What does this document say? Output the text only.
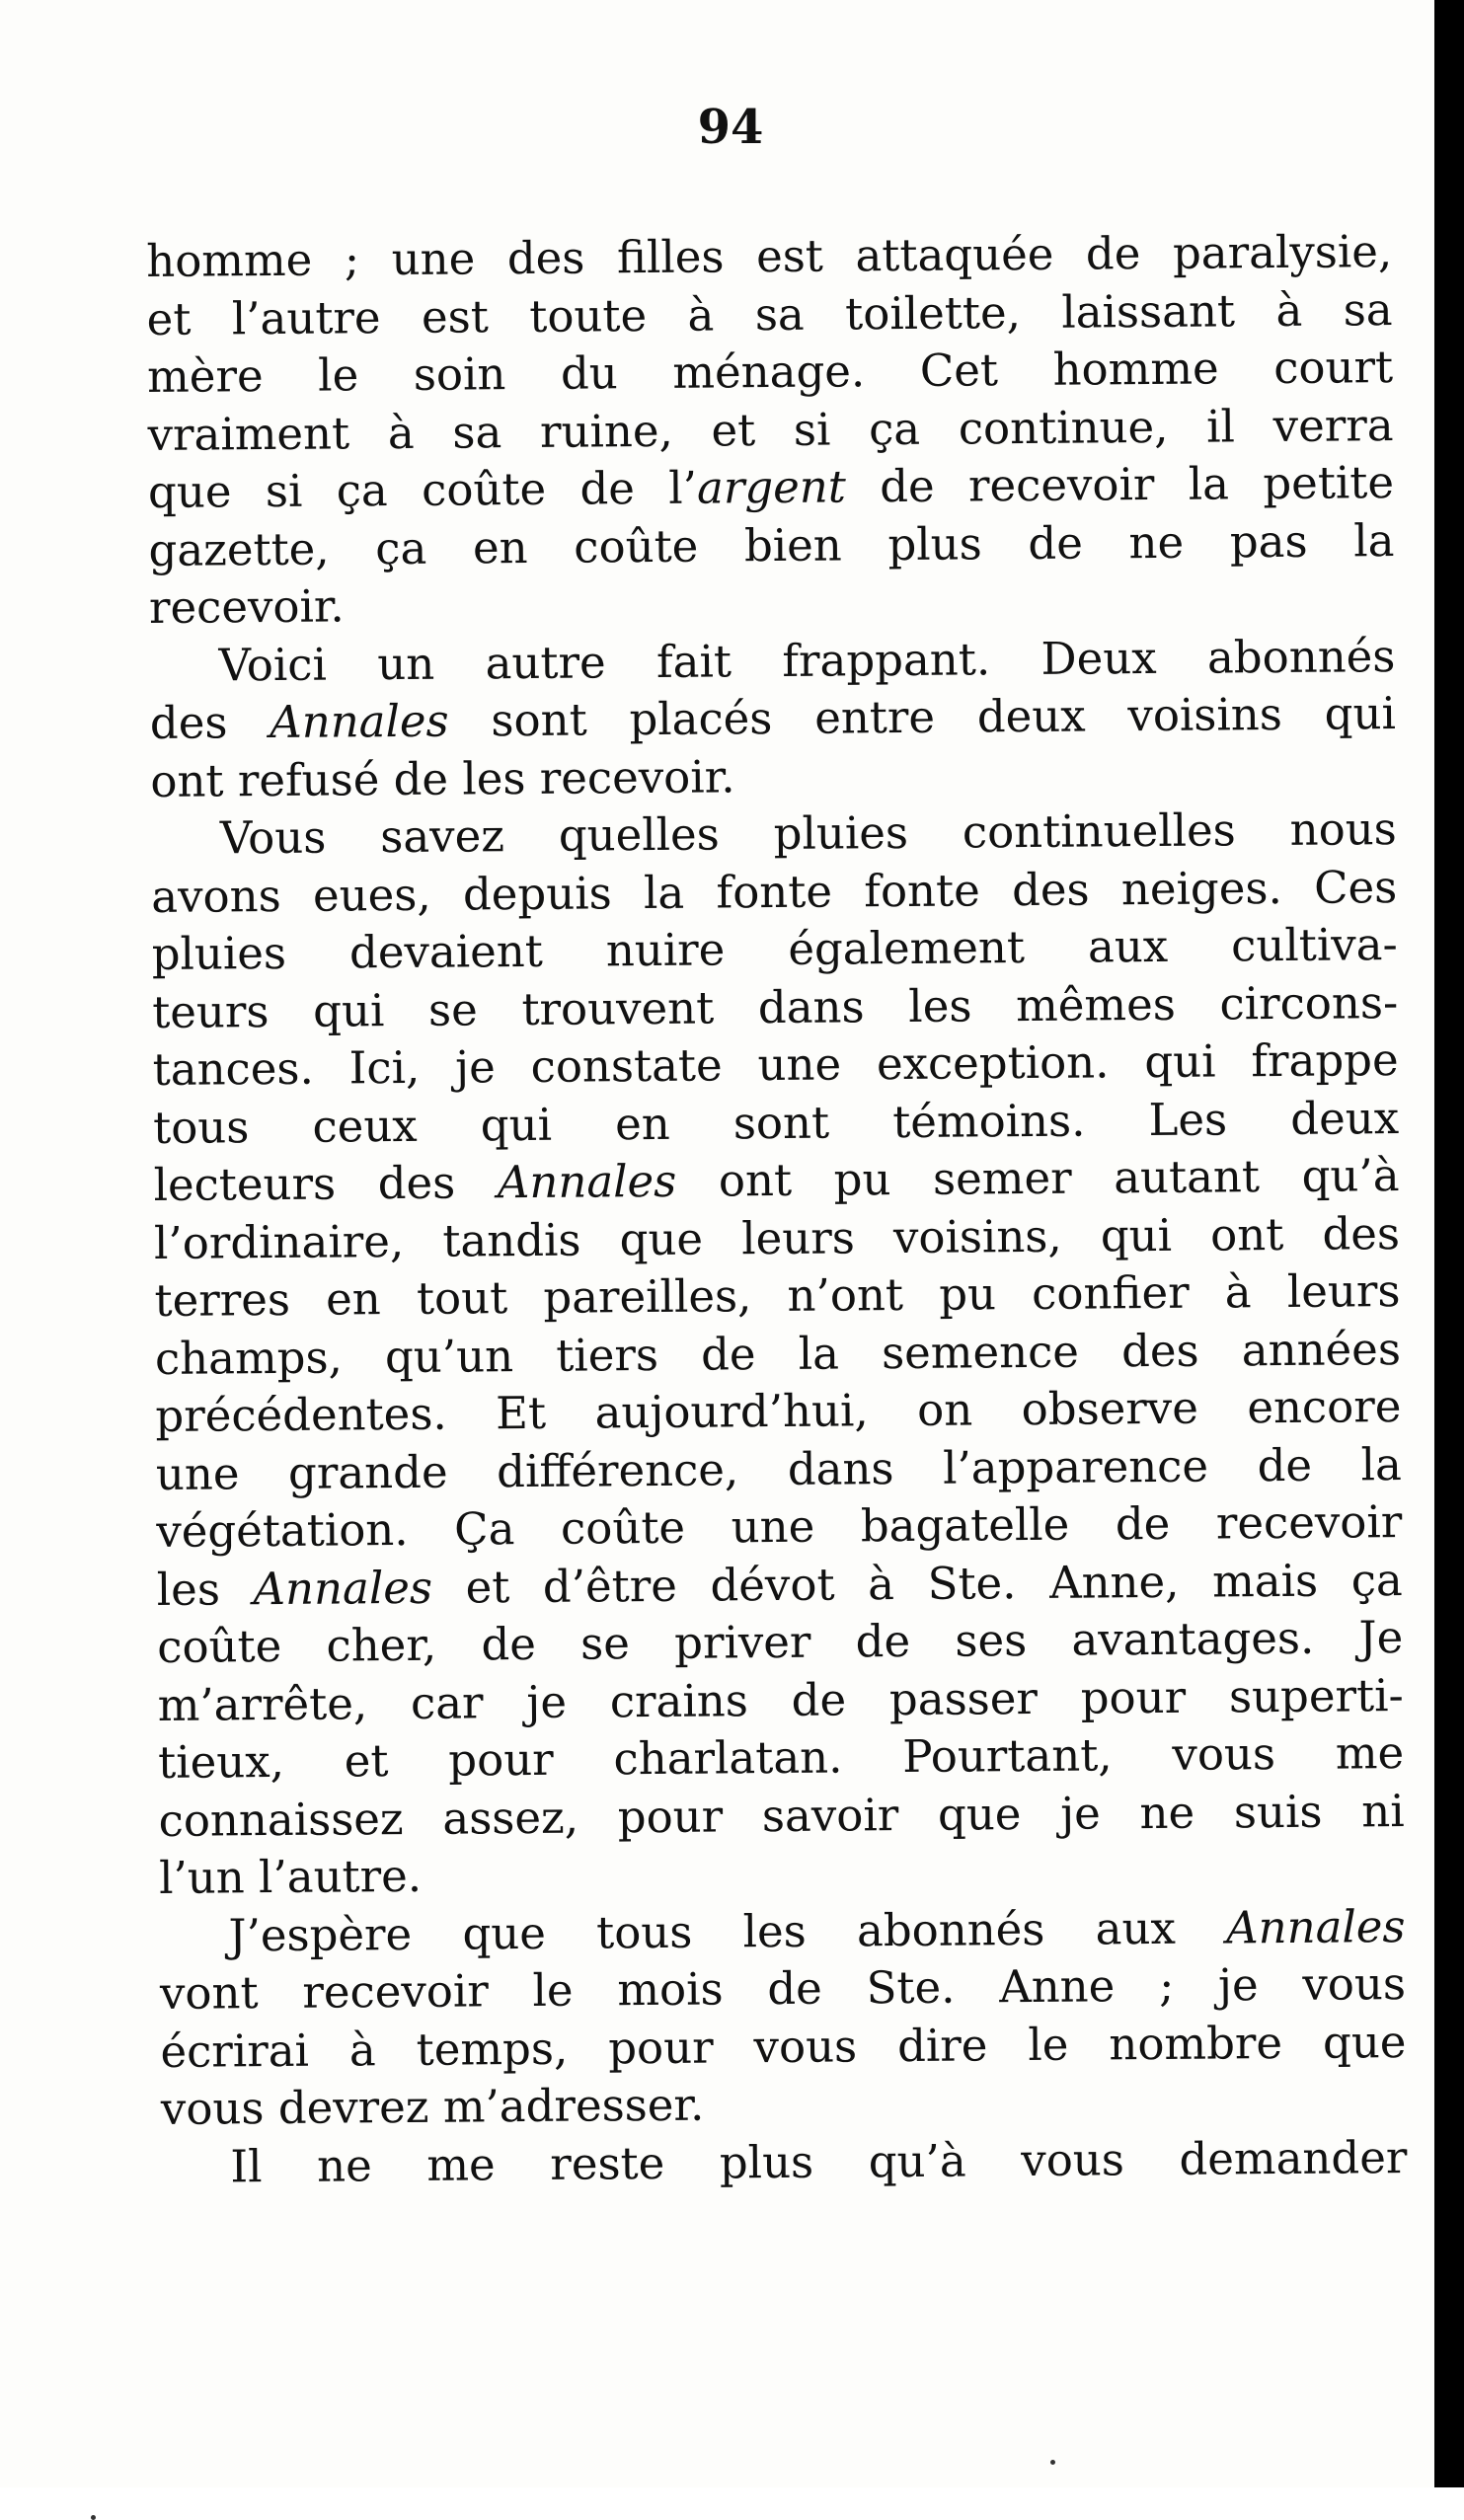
94
homme ; une des filles est attaquée de paralysie,
et l’autre est toute à sa toilette, laissant à sa
mère le soin du ménage. Cet homme court
vraiment à sa ruine, et si ça continue, il verra
que si ça coûte de l’argent de recevoir la petite
gazette, ça en coûte bien plus de ne pas la
recevoir.
Voici un autre fait frappant. Deux abonnés
des Annales sont placés entre deux voisins qui
ont refusé de les recevoir.
Vous savez quelles pluies continuelles nous
avons eues, depuis la fonte fonte des neiges. Ces
pluies devaient nuire également aux cultiva-
teurs qui se trouvent dans les mêmes circons-
tances. Ici, je constate une exception. qui frappe
tous ceux qui en sont témoins. Les deux
lecteurs des Annales ont pu semer autant qu’à
l’ordinaire, tandis que leurs voisins, qui ont des
terres en tout pareilles, n’ont pu confier à leurs
champs, qu’un tiers de la semence des années
précédentes. Et aujourd’hui, on observe encore
une grande différence, dans l’apparence de la
végétation. Ça coûte une bagatelle de recevoir
les Annales et d’être dévot à Ste. Anne, mais ça
coûte cher, de se priver de ses avantages. Je
m’arrête, car je crains de passer pour superti-
tieux, et pour charlatan. Pourtant, vous me
connaissez assez, pour savoir que je ne suis ni
l’un l’autre.
J’espère que tous les abonnés aux Annales
vont recevoir le mois de Ste. Anne ; je vous
écrirai à temps, pour vous dire le nombre que
vous devrez m’adresser.
Il ne me reste plus qu’à vous demander
